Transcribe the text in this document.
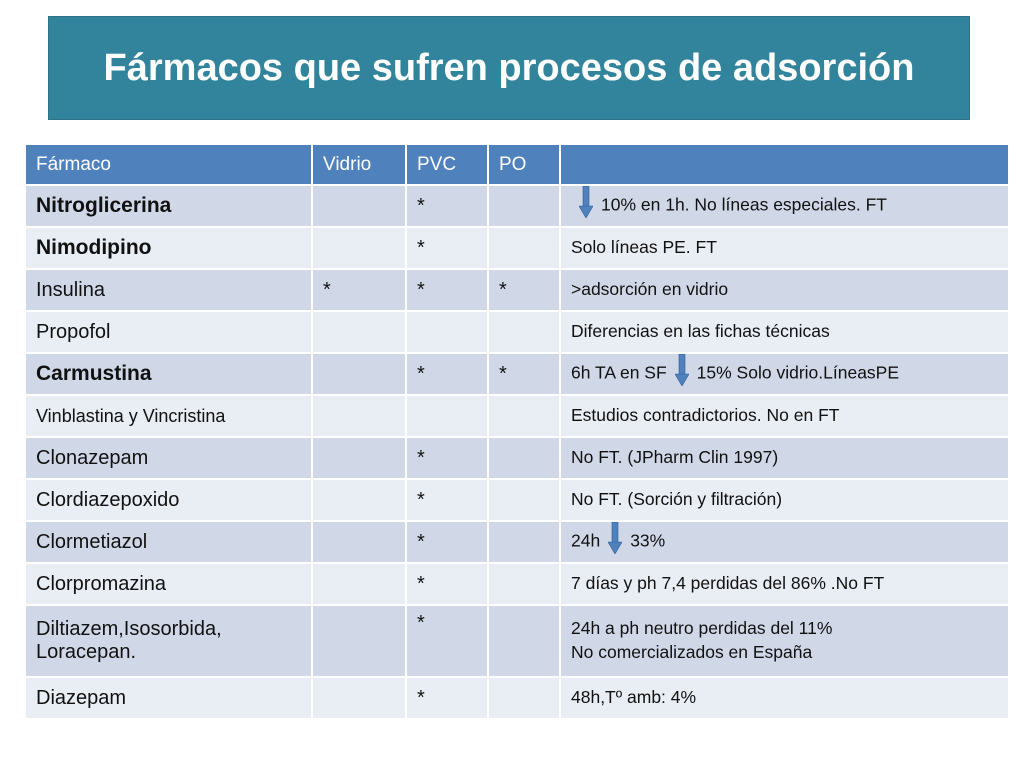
Fármacos que sufren procesos de adsorción
Fármaco	Vidrio	PVC	PO	
Nitroglicerina		*		10% en 1h. No líneas especiales. FT
Nimodipino		*		Solo líneas PE. FT
Insulina	*	*	*	>adsorción en vidrio
Propofol				Diferencias en las fichas técnicas
Carmustina		*	*	6h TA en SF 15% Solo vidrio.LíneasPE
Vinblastina y Vincristina				Estudios contradictorios. No en FT
Clonazepam		*		No FT. (JPharm Clin 1997)
Clordiazepoxido		*		No FT. (Sorción y filtración)
Clormetiazol		*		24h 33%
Clorpromazina		*		7 días y ph 7,4 perdidas del 86% .No FT
Diltiazem,Isosorbida, Loracepan.		*		24h a ph neutro perdidas del 11%
No comercializados en España

Diazepam		*		48h,Tº amb: 4%
